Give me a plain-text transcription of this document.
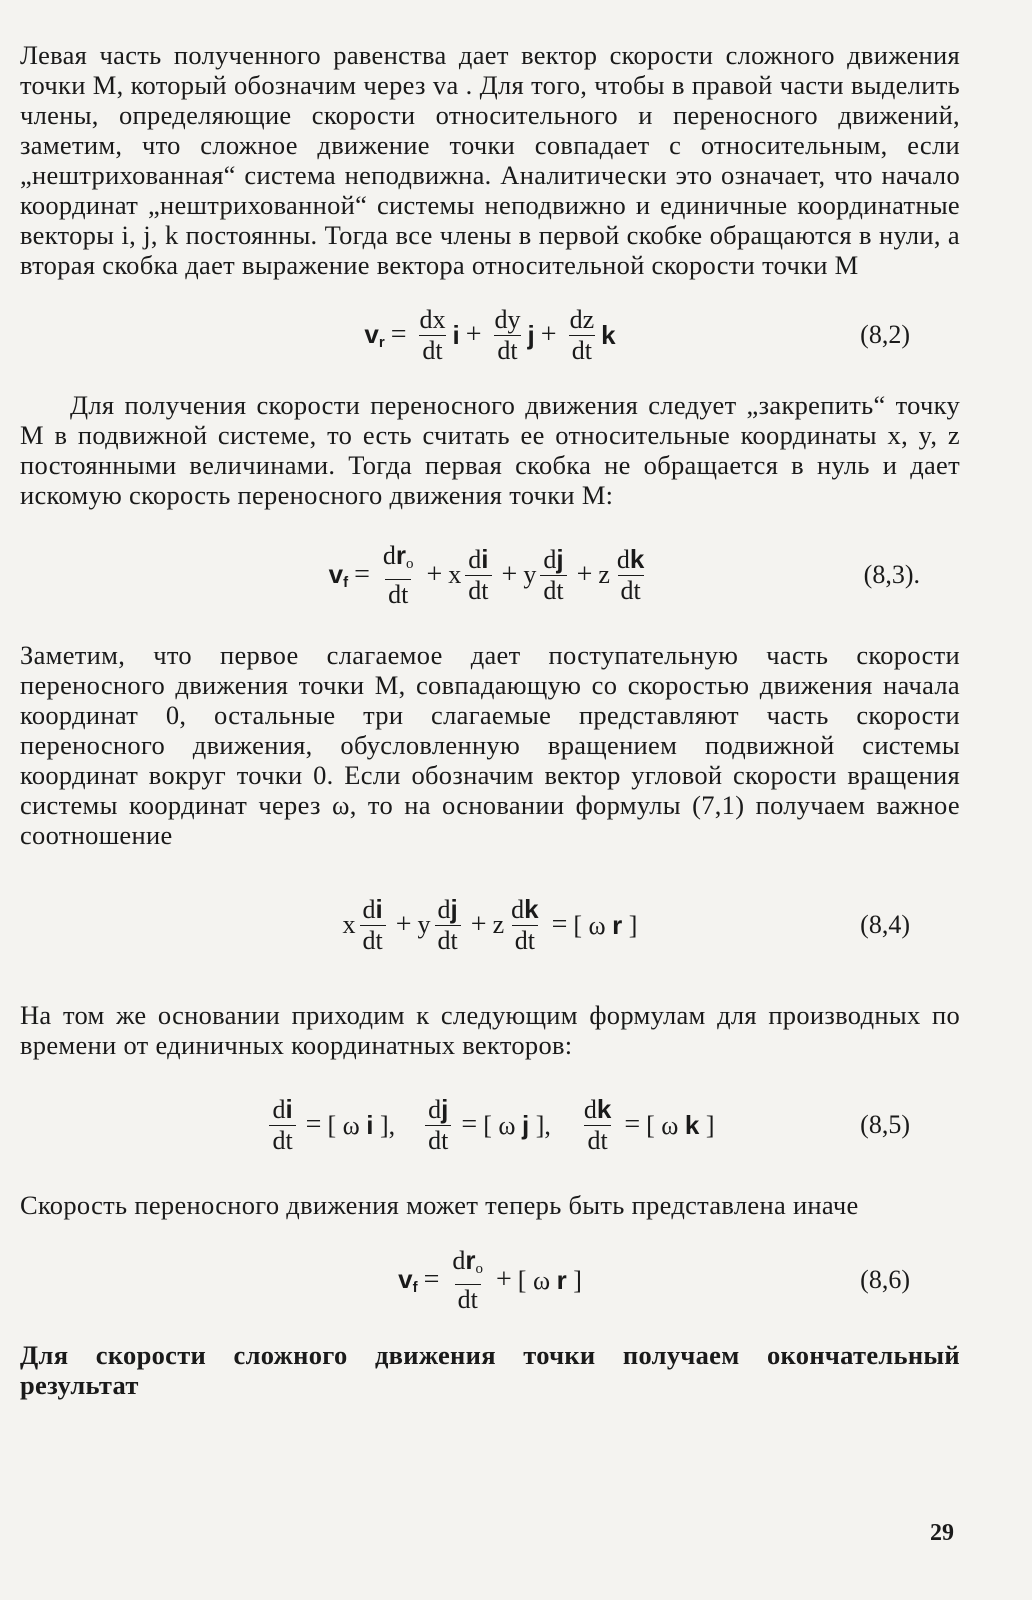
Левая часть полученного равенства дает вектор скорости сложного движения точки M, который обозначим через va . Для того, чтобы в правой части выделить члены, определяющие скорости относительного и переносного движений, заметим, что сложное движение точки совпадает с относительным, если „нештрихованная“ система неподвижна. Аналитически это означает, что начало координат „нештрихованной“ системы неподвижно и единичные координатные векторы i, j, k постоянны. Тогда все члены в первой скобке обращаются в нули, а вторая скобка дает выражение вектора относительной скорости точки M

$v_r = \frac{dx}{dt}$ $i + \frac{dy}{dt}$ $j + \frac{dz}{dt}$ k	(8,2)

Для получения скорости переносного движения следует „закрепить“ точку M в подвижной системе, то есть считать ее относительные координаты x, y, z постоянными величинами. Тогда первая скобка не обращается в нуль и дает искомую скорость переносного движения точки M:

$v_f = \frac{dr_o}{dt} + x \frac{di}{dt} + y \frac{dj}{dt} + z \frac{dk}{dt}$	(8,3).

Заметим, что первое слагаемое дает поступательную часть скорости переносного движения точки M, совпадающую со скоростью движения начала координат 0, остальные три слагаемые представляют часть скорости переносного движения, обусловленную вращением подвижной системы координат вокруг точки 0. Если обозначим вектор угловой скорости вращения системы координат через ω, то на основании формулы (7,1) получаем важное соотношение

x $\frac{di}{dt} + y \frac{dj}{dt} + z \frac{dk}{dt}$ = [ ω r ]	(8,4)

На том же основании приходим к следующим формулам для производных по времени от единичных координатных векторов:

$\frac{di}{dt}$ = [ ω i ], $\frac{dj}{dt}$ = [ ω j ], $\frac{dk}{dt}$ = [ ω k ]	(8,5)

Скорость переносного движения может теперь быть представлена иначе

$v_f = \frac{dr_o}{dt}$ + [ ω r ]	(8,6)

Для скорости сложного движения точки получаем окончательный результат

29
